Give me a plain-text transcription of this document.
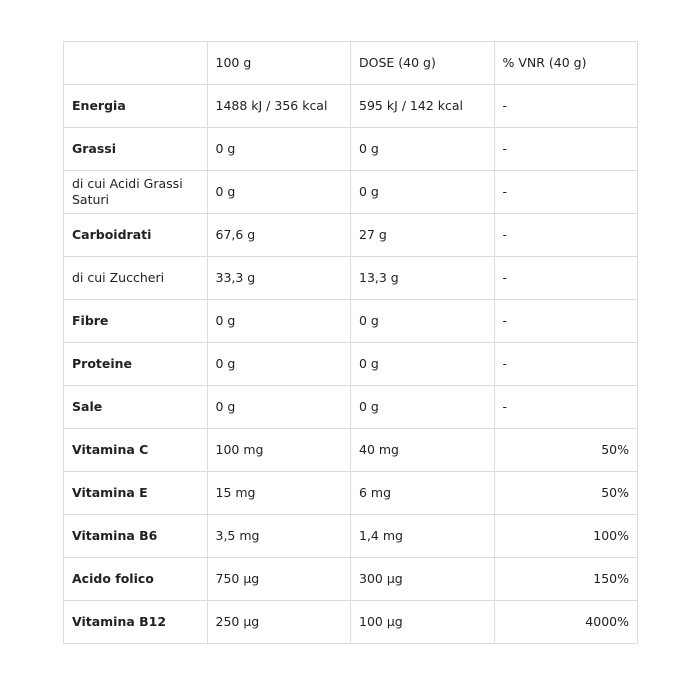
	100 g	DOSE (40 g)	% VNR (40 g)
Energia	1488 kJ / 356 kcal	595 kJ / 142 kcal	-
Grassi	0 g	0 g	-
di cui Acidi Grassi Saturi	0 g	0 g	-
Carboidrati	67,6 g	27 g	-
di cui Zuccheri	33,3 g	13,3 g	-
Fibre	0 g	0 g	-
Proteine	0 g	0 g	-
Sale	0 g	0 g	-
Vitamina C	100 mg	40 mg	50%
Vitamina E	15 mg	6 mg	50%
Vitamina B6	3,5 mg	1,4 mg	100%
Acido folico	750 µg	300 µg	150%
Vitamina B12	250 µg	100 µg	4000%
